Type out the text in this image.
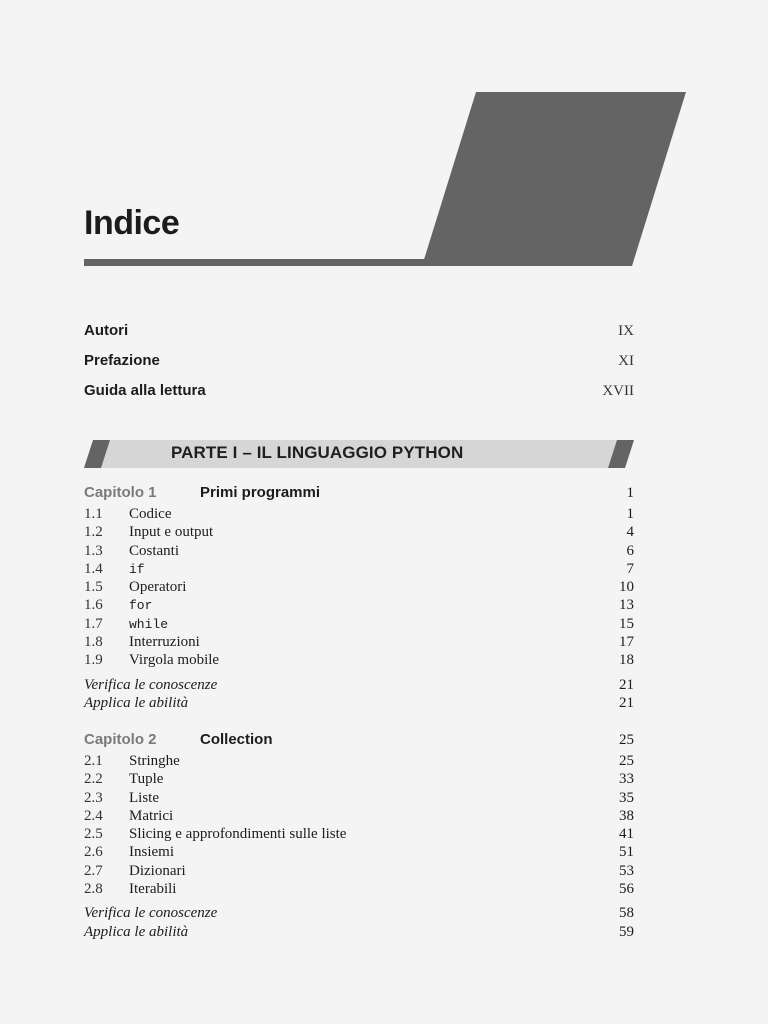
Indice
Autori	IX
Prefazione	XI
Guida alla lettura	XVII
PARTE I – IL LINGUAGGIO PYTHON
Capitolo 1	Primi programmi	1
1.1	Codice	1
1.2	Input e output	4
1.3	Costanti	6
1.4	if	7
1.5	Operatori	10
1.6	for	13
1.7	while	15
1.8	Interruzioni	17
1.9	Virgola mobile	18
Verifica le conoscenze	21
Applica le abilità	21
Capitolo 2	Collection	25
2.1	Stringhe	25
2.2	Tuple	33
2.3	Liste	35
2.4	Matrici	38
2.5	Slicing e approfondimenti sulle liste	41
2.6	Insiemi	51
2.7	Dizionari	53
2.8	Iterabili	56
Verifica le conoscenze	58
Applica le abilità	59
